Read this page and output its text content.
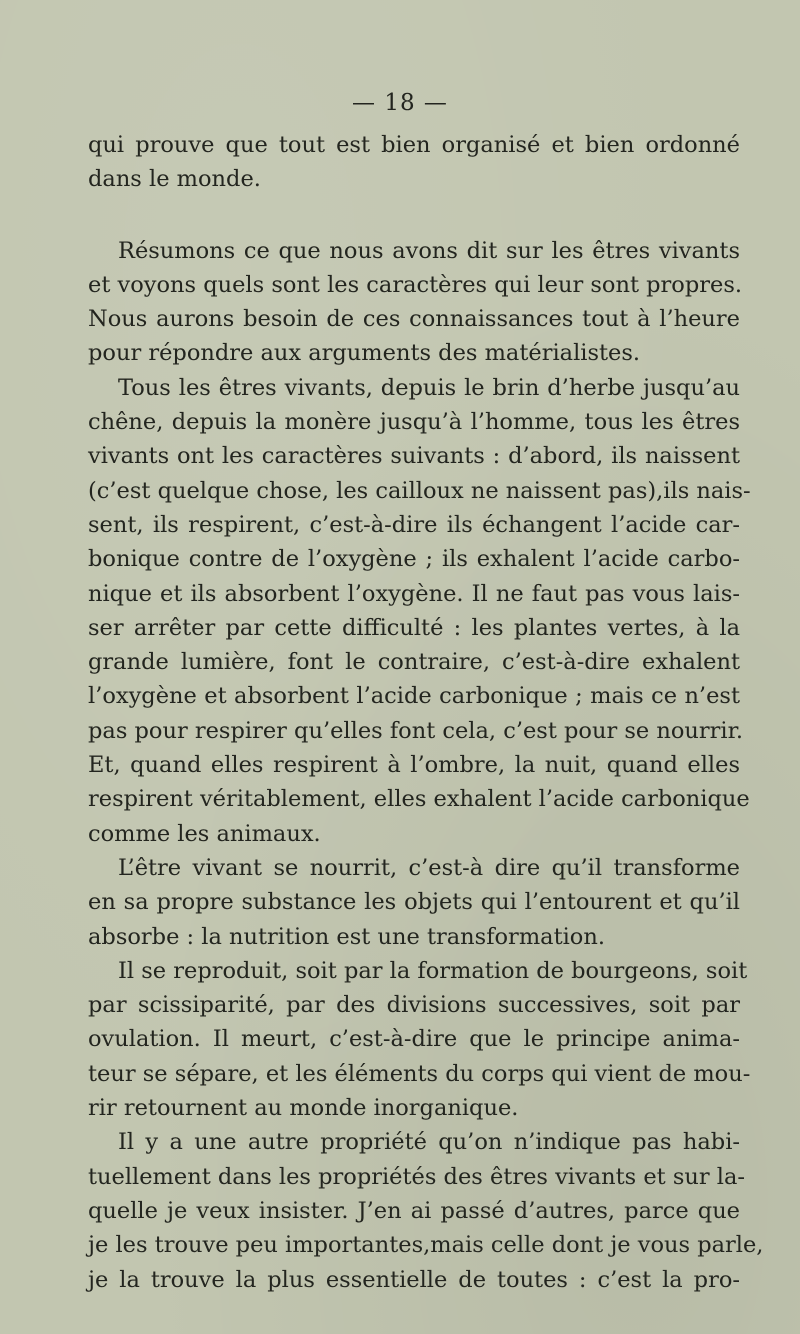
— 18 —
qui prouve que tout est bien organisé et bien ordonné
dans le monde.
Résumons ce que nous avons dit sur les êtres vivants
et voyons quels sont les caractères qui leur sont propres.
Nous aurons besoin de ces connaissances tout à l’heure
pour répondre aux arguments des matérialistes.
Tous les êtres vivants, depuis le brin d’herbe jusqu’au
chêne, depuis la monère jusqu’à l’homme, tous les êtres
vivants ont les caractères suivants : d’abord, ils naissent
(c’est quelque chose, les cailloux ne naissent pas),ils nais-
sent, ils respirent, c’est-à-dire ils échangent l’acide car-
bonique contre de l’oxygène ; ils exhalent l’acide carbo-
nique et ils absorbent l’oxygène. Il ne faut pas vous lais-
ser arrêter par cette difficulté : les plantes vertes, à la
grande lumière, font le contraire, c’est-à-dire exhalent
l’oxygène et absorbent l’acide carbonique ; mais ce n’est
pas pour respirer qu’elles font cela, c’est pour se nourrir.
Et, quand elles respirent à l’ombre, la nuit, quand elles
respirent véritablement, elles exhalent l’acide carbonique
comme les animaux.
L’être vivant se nourrit, c’est-à dire qu’il transforme
en sa propre substance les objets qui l’entourent et qu’il
absorbe : la nutrition est une transformation.
Il se reproduit, soit par la formation de bourgeons, soit
par scissiparité, par des divisions successives, soit par
ovulation. Il meurt, c’est-à-dire que le principe anima-
teur se sépare, et les éléments du corps qui vient de mou-
rir retournent au monde inorganique.
Il y a une autre propriété qu’on n’indique pas habi-
tuellement dans les propriétés des êtres vivants et sur la-
quelle je veux insister. J’en ai passé d’autres, parce que
je les trouve peu importantes,mais celle dont je vous parle,
je la trouve la plus essentielle de toutes : c’est la pro-
